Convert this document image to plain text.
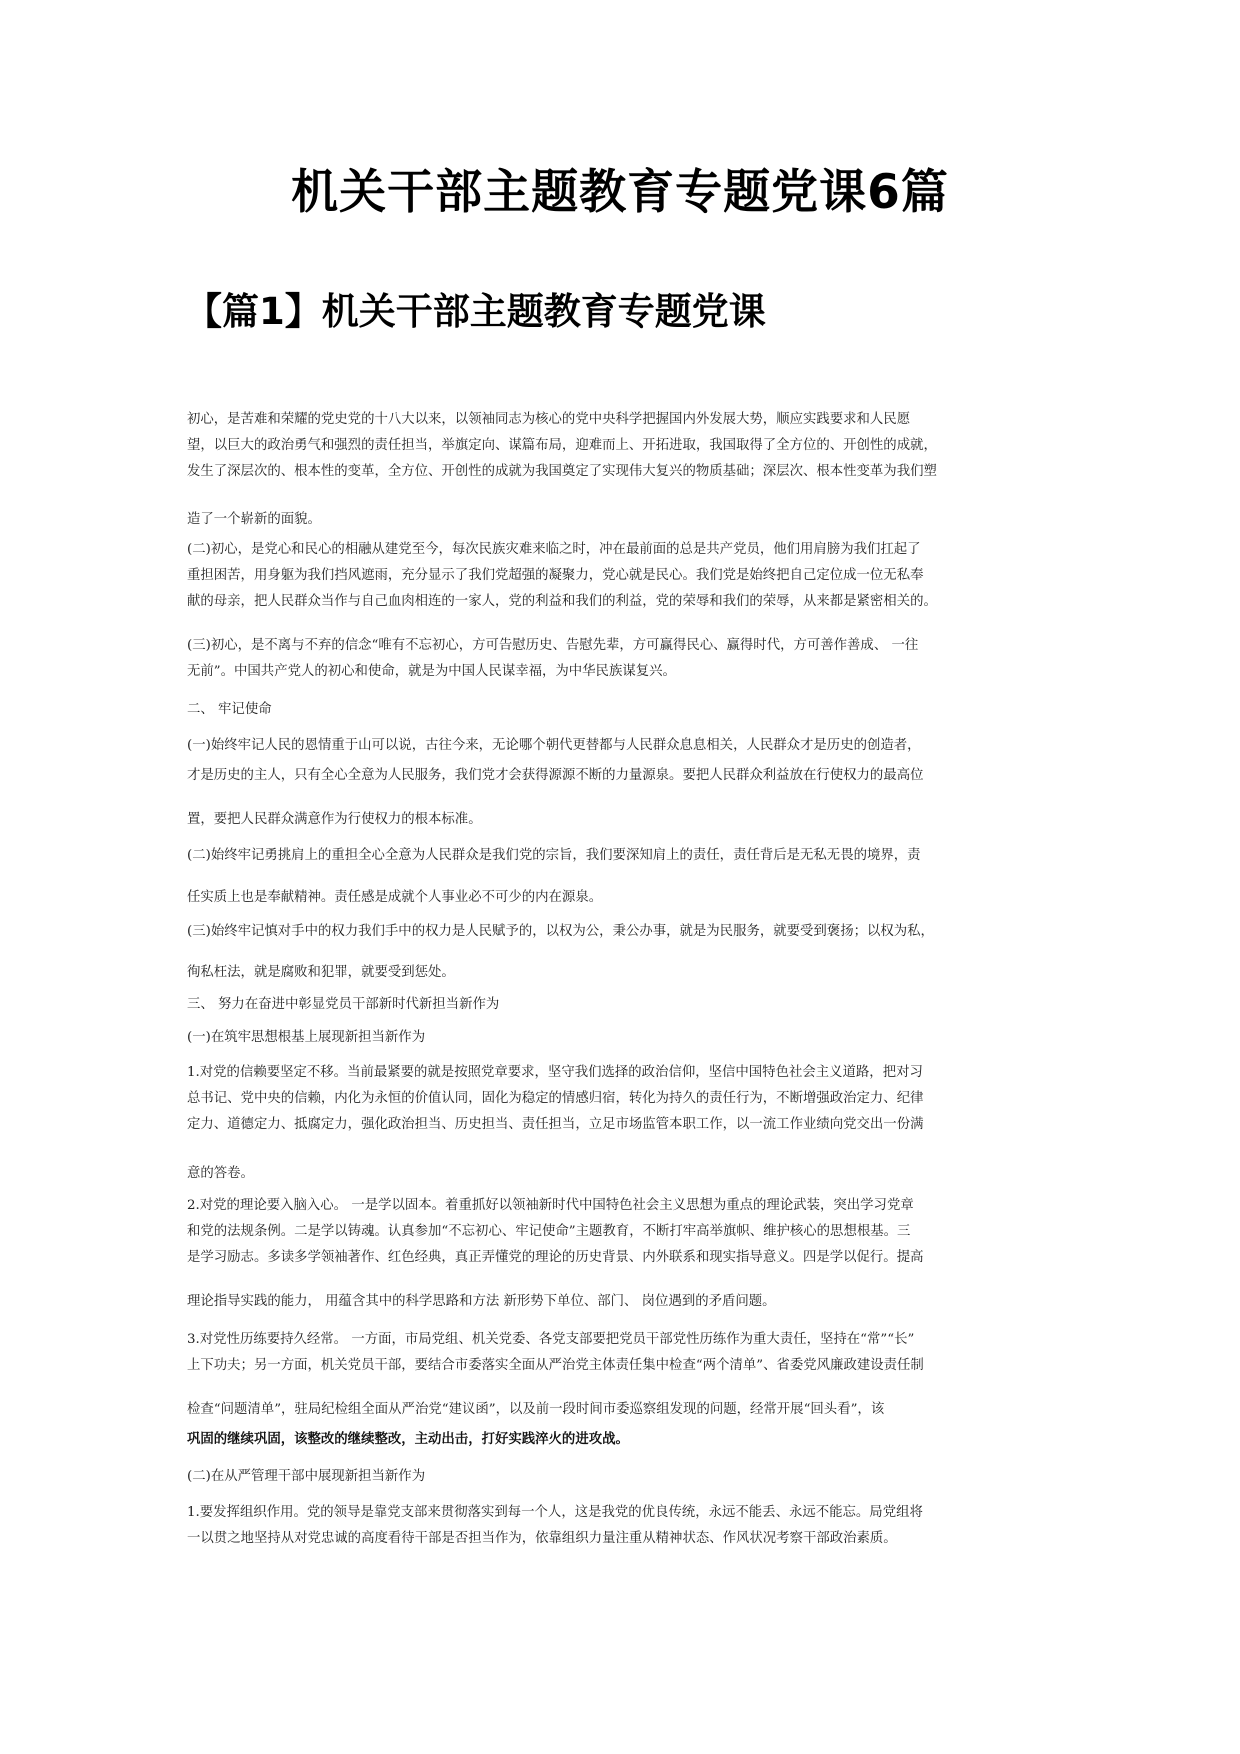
机关干部主题教育专题党课6篇
【篇1】机关干部主题教育专题党课
初心，是苦难和荣耀的党史党的十八大以来，以领袖同志为核心的党中央科学把握国内外发展大势，顺应实践要求和人民愿
望，以巨大的政治勇气和强烈的责任担当，举旗定向、谋篇布局，迎难而上、开拓进取，我国取得了全方位的、开创性的成就，
发生了深层次的、根本性的变革，全方位、开创性的成就为我国奠定了实现伟大复兴的物质基础；深层次、根本性变革为我们塑
造了一个崭新的面貌。
(二)初心，是党心和民心的相融从建党至今，每次民族灾难来临之时，冲在最前面的总是共产党员，他们用肩膀为我们扛起了
重担困苦，用身躯为我们挡风遮雨，充分显示了我们党超强的凝聚力，党心就是民心。我们党是始终把自己定位成一位无私奉
献的母亲，把人民群众当作与自己血肉相连的一家人，党的利益和我们的利益，党的荣辱和我们的荣辱，从来都是紧密相关的。
(三)初心，是不离与不弃的信念“唯有不忘初心，方可告慰历史、告慰先辈，方可赢得民心、赢得时代，方可善作善成、 一往
无前”。中国共产党人的初心和使命，就是为中国人民谋幸福，为中华民族谋复兴。
二、 牢记使命
(一)始终牢记人民的恩情重于山可以说，古往今来，无论哪个朝代更替都与人民群众息息相关，人民群众才是历史的创造者，
才是历史的主人，只有全心全意为人民服务，我们党才会获得源源不断的力量源泉。要把人民群众利益放在行使权力的最高位
置，要把人民群众满意作为行使权力的根本标准。
(二)始终牢记勇挑肩上的重担全心全意为人民群众是我们党的宗旨，我们要深知肩上的责任，责任背后是无私无畏的境界，责
任实质上也是奉献精神。责任感是成就个人事业必不可少的内在源泉。
(三)始终牢记慎对手中的权力我们手中的权力是人民赋予的，以权为公，秉公办事，就是为民服务，就要受到褒扬；以权为私，
徇私枉法，就是腐败和犯罪，就要受到惩处。
三、 努力在奋进中彰显党员干部新时代新担当新作为
(一)在筑牢思想根基上展现新担当新作为
1.对党的信赖要坚定不移。当前最紧要的就是按照党章要求，坚守我们选择的政治信仰，坚信中国特色社会主义道路，把对习
总书记、党中央的信赖，内化为永恒的价值认同，固化为稳定的情感归宿，转化为持久的责任行为，不断增强政治定力、纪律
定力、道德定力、抵腐定力，强化政治担当、历史担当、责任担当，立足市场监管本职工作，以一流工作业绩向党交出一份满
意的答卷。
2.对党的理论要入脑入心。 一是学以固本。着重抓好以领袖新时代中国特色社会主义思想为重点的理论武装，突出学习党章
和党的法规条例。二是学以铸魂。认真参加“不忘初心、牢记使命”主题教育，不断打牢高举旗帜、维护核心的思想根基。三
是学习励志。多读多学领袖著作、红色经典，真正弄懂党的理论的历史背景、内外联系和现实指导意义。四是学以促行。提高
理论指导实践的能力， 用蕴含其中的科学思路和方法 新形势下单位、部门、 岗位遇到的矛盾问题。
3.对党性历练要持久经常。 一方面，市局党组、机关党委、各党支部要把党员干部党性历练作为重大责任，坚持在“常”“长”
上下功夫；另一方面，机关党员干部，要结合市委落实全面从严治党主体责任集中检查“两个清单”、省委党风廉政建设责任制
检查“问题清单”，驻局纪检组全面从严治党“建议函”，以及前一段时间市委巡察组发现的问题，经常开展“回头看”，该
巩固的继续巩固，该整改的继续整改，主动出击，打好实践淬火的进攻战。
(二)在从严管理干部中展现新担当新作为
1.要发挥组织作用。党的领导是靠党支部来贯彻落实到每一个人，这是我党的优良传统，永远不能丢、永远不能忘。局党组将
一以贯之地坚持从对党忠诚的高度看待干部是否担当作为，依靠组织力量注重从精神状态、作风状况考察干部政治素质。
